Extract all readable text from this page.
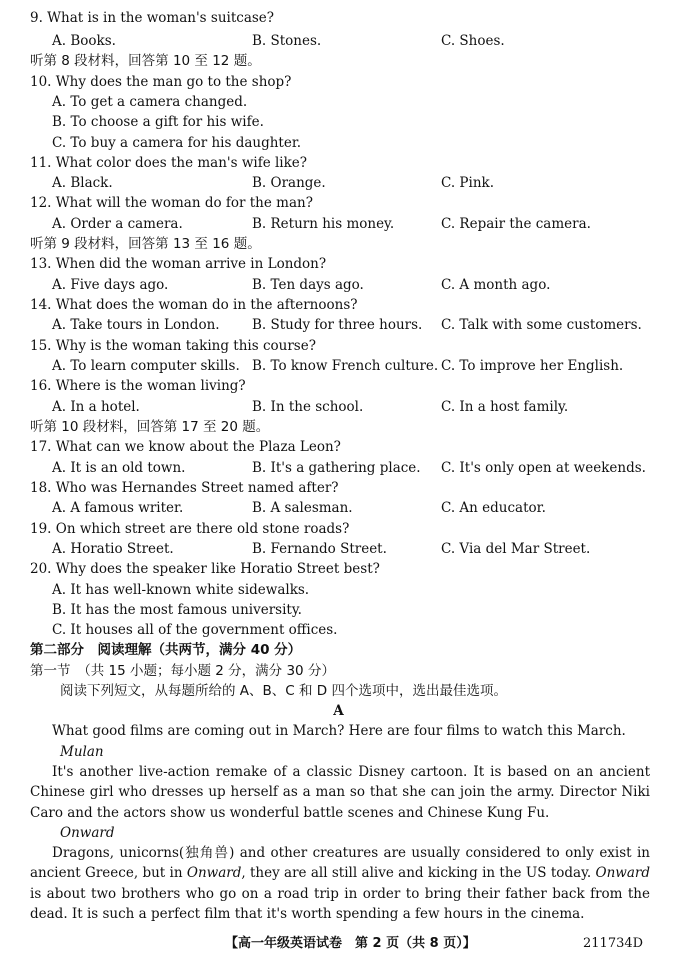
9. What is in the woman's suitcase?
A. Books.	B. Stones.	C. Shoes.
听第 8 段材料，回答第 10 至 12 题。
10. Why does the man go to the shop?
A. To get a camera changed.
B. To choose a gift for his wife.
C. To buy a camera for his daughter.
11. What color does the man's wife like?
A. Black.	B. Orange.	C. Pink.
12. What will the woman do for the man?
A. Order a camera.	B. Return his money.	C. Repair the camera.
听第 9 段材料，回答第 13 至 16 题。
13. When did the woman arrive in London?
A. Five days ago.	B. Ten days ago.	C. A month ago.
14. What does the woman do in the afternoons?
A. Take tours in London. B. Study for three hours. C. Talk with some customers.
15. Why is the woman taking this course?
A. To learn computer skills. B. To know French culture. C. To improve her English.
16. Where is the woman living?
A. In a hotel.	B. In the school.	C. In a host family.
听第 10 段材料，回答第 17 至 20 题。
17. What can we know about the Plaza Leon?
A. It is an old town.	B. It's a gathering place. C. It's only open at weekends.
18. Who was Hernandes Street named after?
A. A famous writer.	B. A salesman.	C. An educator.
19. On which street are there old stone roads?
A. Horatio Street.	B. Fernando Street.	C. Via del Mar Street.
20. Why does the speaker like Horatio Street best?
A. It has well-known white sidewalks.
B. It has the most famous university.
C. It houses all of the government offices.
第二部分　阅读理解（共两节，满分 40 分）
第一节　（共 15 小题；每小题 2 分，满分 30 分）
阅读下列短文，从每题所给的 A、B、C 和 D 四个选项中，选出最佳选项。
A
What good films are coming out in March? Here are four films to watch this March.
Mulan
It's another live-action remake of a classic Disney cartoon. It is based on an ancient Chinese girl who dresses up herself as a man so that she can join the army. Director Niki Caro and the actors show us wonderful battle scenes and Chinese Kung Fu.
Onward
Dragons, unicorns(独角兽) and other creatures are usually considered to only exist in ancient Greece, but in Onward, they are all still alive and kicking in the US today. Onward is about two brothers who go on a road trip in order to bring their father back from the dead. It is such a perfect film that it's worth spending a few hours in the cinema.
【高一年级英语试卷　第 2 页（共 8 页）】	211734D
